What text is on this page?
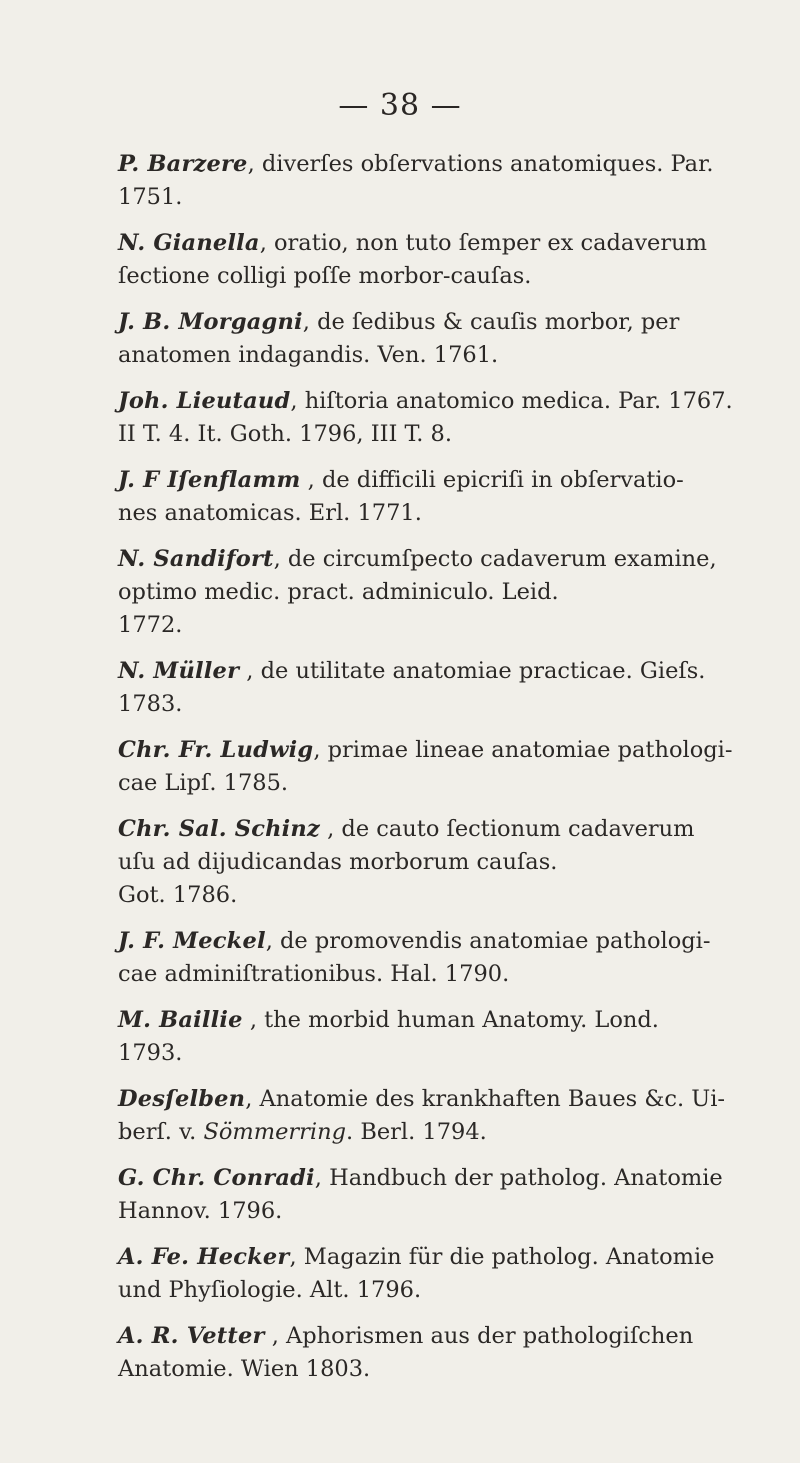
— 38 —
P. Barzere, diverſes obſervations anatomiques. Par.
1751.
N. Gianella, oratio, non tuto ſemper ex cadaverum
ſectione colligi poſſe morbor-cauſas.
J. B. Morgagni, de ſedibus & cauſis morbor, per
anatomen indagandis. Ven. 1761.
Joh. Lieutaud, hiſtoria anatomico medica. Par. 1767.
II T. 4. It. Goth. 1796, III T. 8.
J. F Iſenflamm , de difficili epicriſi in obſervatio-
nes anatomicas. Erl. 1771.
N. Sandifort, de circumſpecto cadaverum examine,
optimo medic. pract. adminiculo. Leid.
1772.
N. Müller , de utilitate anatomiae practicae. Gieſs.
1783.
Chr. Fr. Ludwig, primae lineae anatomiae pathologi-
cae Lipſ. 1785.
Chr. Sal. Schinz , de cauto ſectionum cadaverum
uſu ad dijudicandas morborum cauſas.
Got. 1786.
J. F. Meckel, de promovendis anatomiae pathologi-
cae adminiſtrationibus. Hal. 1790.
M. Baillie , the morbid human Anatomy. Lond.
1793.
Desſelben, Anatomie des krankhaften Baues &c. Ui-
berſ. v. Sömmerring. Berl. 1794.
G. Chr. Conradi, Handbuch der patholog. Anatomie
Hannov. 1796.
A. Fe. Hecker, Magazin für die patholog. Anatomie
und Phyſiologie. Alt. 1796.
A. R. Vetter , Aphorismen aus der pathologiſchen
Anatomie. Wien 1803.
